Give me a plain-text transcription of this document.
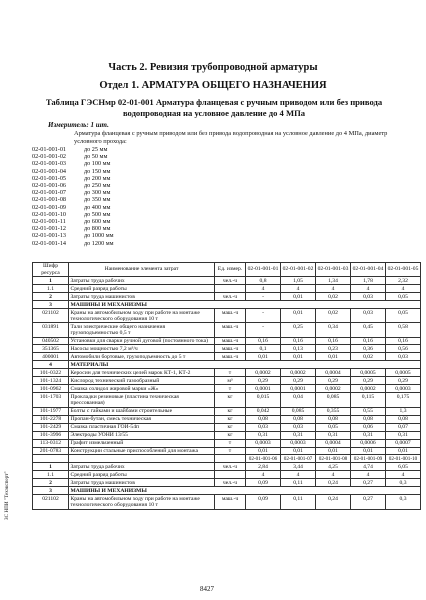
Часть 2. Ревизия трубопроводной арматуры
Отдел 1. АРМАТУРА ОБЩЕГО НАЗНАЧЕНИЯ
Таблица ГЭСНмр 02-01-001 Арматура фланцевая с ручным приводом или без привода водопроводная на условное давление до 4 МПа
Измеритель: 1 шт.
Арматура фланцевая с ручным приводом или без привода водопроводная на условное давление до 4 МПа, диаметр условного прохода:
02-01-001-01	до 25 мм
02-01-001-02	до 50 мм
02-01-001-03	до 100 мм
02-01-001-04	до 150 мм
02-01-001-05	до 200 мм
02-01-001-06	до 250 мм
02-01-001-07	до 300 мм
02-01-001-08	до 350 мм
02-01-001-09	до 400 мм
02-01-001-10	до 500 мм
02-01-001-11	до 600 мм
02-01-001-12	до 800 мм
02-01-001-13	до 1000 мм
02-01-001-14	до 1200 мм
Шифр ресурса	Наименование элемента затрат	Ед. измер.	02-01-001-01	02-01-001-02	02-01-001-03	02-01-001-04	02-01-001-05
1	Затраты труда рабочих	чел.-ч	0,8	1,05	1,34	1,78	2,32
1.1	Средний разряд работы		4	4	4	4	4
2	Затраты труда машинистов	чел.-ч	-	0,01	0,02	0,03	0,05
3	МАШИНЫ И МЕХАНИЗМЫ						
021102	Краны на автомобильном ходу при работе на монтаже технологического оборудования 10 т	маш.-ч	-	0,01	0,02	0,03	0,05
031891	Тали электрические общего назначения грузоподъемностью 0,5 т	маш.-ч	-	0,25	0,34	0,45	0,58
040502	Установки для сварки ручной дуговой (постоянного тока)	маш.-ч	0,16	0,16	0,16	0,16	0,16
351365	Насосы мощностью 7,2 м³/ч	маш.-ч	0,1	0,13	0,23	0,36	0,56
400001	Автомобили бортовые, грузоподъемность до 5 т	маш.-ч	0,01	0,01	0,01	0,02	0,03
4	МАТЕРИАЛЫ						
101-0322	Керосин для технических целей марок КТ-1, КТ-2	т	0,0002	0,0002	0,0004	0,0005	0,0005
101-1324	Кислород технический газообразный	м³	0,29	0,29	0,29	0,29	0,29
101-0962	Смазка солидол жировой марки «Ж»	т	0,0001	0,0001	0,0002	0,0002	0,0003
101-1703	Прокладки резиновые (пластина техническая прессованная)	кг	0,015	0,04	0,085	0,115	0,175
101-1977	Болты с гайками и шайбами строительные	кг	0,042	0,085	0,355	0,55	1,3
101-2278	Пропан-бутан, смесь техническая	кг	0,08	0,08	0,08	0,08	0,08
101-2429	Смазка пластичная ГОИ-54п	кг	0,03	0,03	0,05	0,06	0,07
101-3996	Электроды УОНИ 13/55	кг	0,31	0,31	0,31	0,31	0,31
113-0312	Графит измельченный	т	0,0003	0,0003	0,0004	0,0006	0,0007
201-0783	Конструкции стальные приспособлений для монтажа	т	0,01	0,01	0,01	0,01	0,01
			02-01-001-06	02-01-001-07	02-01-001-08	02-01-001-09	02-01-001-10
1	Затраты труда рабочих	чел.-ч	2,84	3,44	4,25	4,74	6,05
1.1	Средний разряд работы		4	4	4	4	4
2	Затраты труда машинистов	чел.-ч	0,09	0,11	0,24	0,27	0,3
3	МАШИНЫ И МЕХАНИЗМЫ						
021102	Краны на автомобильном ходу при работе на монтаже технологического оборудования 10 т	маш.-ч	0,09	0,11	0,24	0,27	0,3
ЗС НПИ "Техэксперт"
8427
